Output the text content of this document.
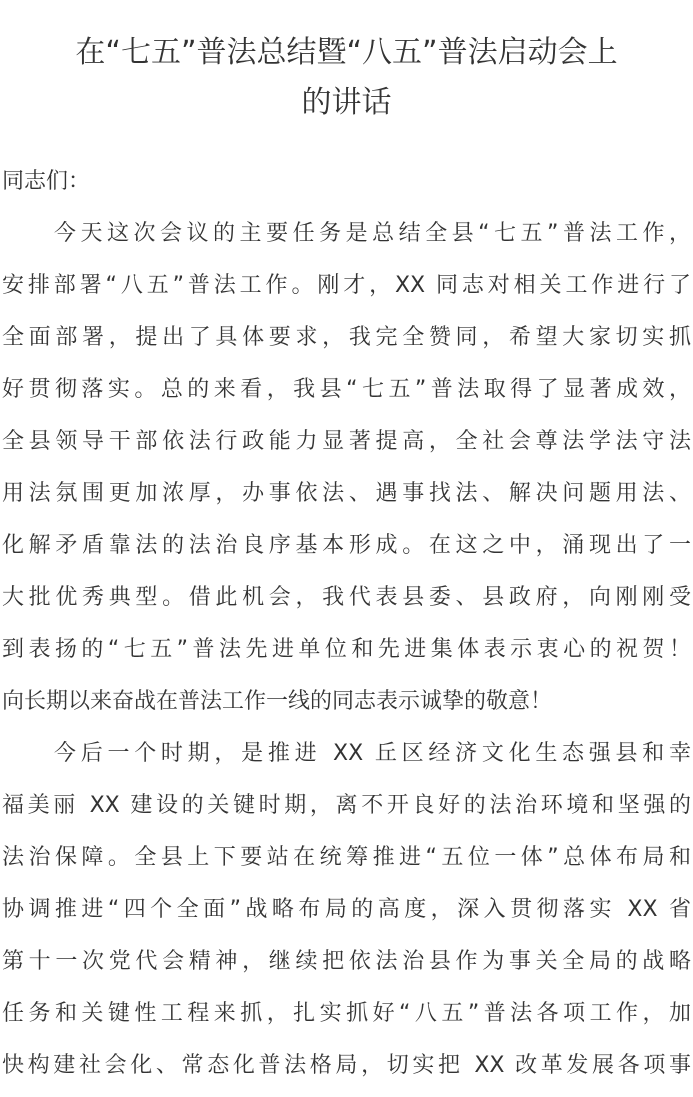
在“七五”普法总结暨“八五”普法启动会上
的讲话
同志们：
今天这次会议的主要任务是总结全县“七五”普法工作，
安排部署“八五”普法工作。刚才，XX 同志对相关工作进行了
全面部署，提出了具体要求，我完全赞同，希望大家切实抓
好贯彻落实。总的来看，我县“七五”普法取得了显著成效，
全县领导干部依法行政能力显著提高，全社会尊法学法守法
用法氛围更加浓厚，办事依法、遇事找法、解决问题用法、
化解矛盾靠法的法治良序基本形成。在这之中，涌现出了一
大批优秀典型。借此机会，我代表县委、县政府，向刚刚受
到表扬的“七五”普法先进单位和先进集体表示衷心的祝贺！
向长期以来奋战在普法工作一线的同志表示诚挚的敬意！
今后一个时期，是推进 XX 丘区经济文化生态强县和幸
福美丽 XX 建设的关键时期，离不开良好的法治环境和坚强的
法治保障。全县上下要站在统筹推进“五位一体”总体布局和
协调推进“四个全面”战略布局的高度，深入贯彻落实 XX 省
第十一次党代会精神，继续把依法治县作为事关全局的战略
任务和关键性工程来抓，扎实抓好“八五”普法各项工作，加
快构建社会化、常态化普法格局，切实把 XX 改革发展各项事
